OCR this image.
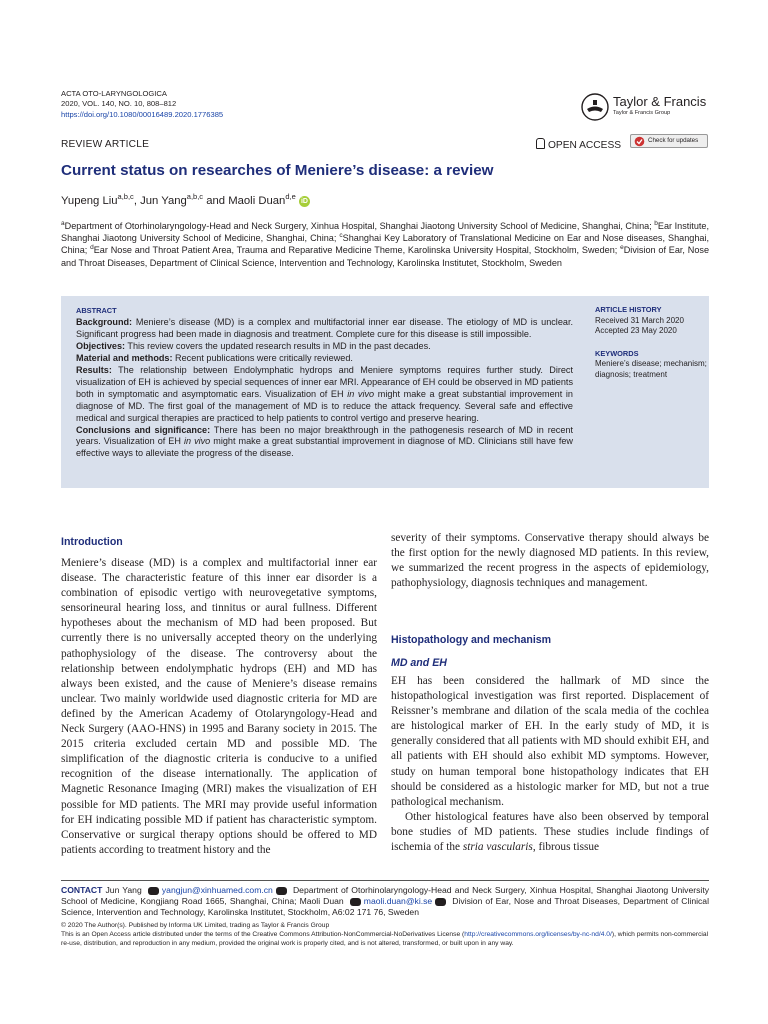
ACTA OTO-LARYNGOLOGICA
2020, VOL. 140, NO. 10, 808–812
https://doi.org/10.1080/00016489.2020.1776385
Taylor & Francis
Taylor & Francis Group
REVIEW ARTICLE	OPEN ACCESS	Check for updates
Current status on researches of Meniere’s disease: a review
Yupeng Liu$^{a,b,c}$, Jun Yang$^{a,b,c}$ and Maoli Duan$^{d,e}$ iD
$^a$Department of Otorhinolaryngology-Head and Neck Surgery, Xinhua Hospital, Shanghai Jiaotong University School of Medicine, Shanghai, China; $^b$Ear Institute, Shanghai Jiaotong University School of Medicine, Shanghai, China; $^c$Shanghai Key Laboratory of Translational Medicine on Ear and Nose diseases, Shanghai, China; $^d$Ear Nose and Throat Patient Area, Trauma and Reparative Medicine Theme, Karolinska University Hospital, Stockholm, Sweden; $^e$Division of Ear, Nose and Throat Diseases, Department of Clinical Science, Intervention and Technology, Karolinska Institutet, Stockholm, Sweden
ABSTRACT
Background: Meniere’s disease (MD) is a complex and multifactorial inner ear disease. The etiology of MD is unclear. Significant progress had been made in diagnosis and treatment. Complete cure for this disease is still impossible.
Objectives: This review covers the updated research results in MD in the past decades.
Material and methods: Recent publications were critically reviewed.
Results: The relationship between Endolymphatic hydrops and Meniere symptoms requires further study. Direct visualization of EH is achieved by special sequences of inner ear MRI. Appearance of EH could be observed in MD patients both in symptomatic and asymptomatic ears. Visualization of EH in vivo might make a great substantial improvement in diagnose of MD. The first goal of the management of MD is to reduce the attack frequency. Several safe and effective medical and surgical therapies are practiced to help patients to control vertigo and preserve hearing.
Conclusions and significance: There has been no major breakthrough in the pathogenesis research of MD in recent years. Visualization of EH in vivo might make a great substantial improvement in diagnose of MD. Clinicians still have few effective ways to alleviate the progress of the disease.
ARTICLE HISTORY
Received 31 March 2020
Accepted 23 May 2020
KEYWORDS
Meniere’s disease; mechanism; diagnosis; treatment
Introduction

Meniere’s disease (MD) is a complex and multifactorial inner ear disease. The characteristic feature of this inner ear disorder is a combination of episodic vertigo with neurovegetative symptoms, sensorineural hearing loss, and tinnitus or aural fullness. Different hypotheses about the mechanism of MD had been proposed. But currently there is no universally accepted theory on the underlying pathophysiology of the disease. The controversy about the relationship between endolymphatic hydrops (EH) and MD has always been existed, and the cause of Meniere’s disease remains unclear. Two mainly worldwide used diagnostic criteria for MD are defined by the American Academy of Otolaryngology-Head and Neck Surgery (AAO-HNS) in 1995 and Barany society in 2015. The 2015 criteria excluded certain MD and possible MD. The simplification of the diagnostic criteria is conducive to a unified recognition of the disease internationally. The application of Magnetic Resonance Imaging (MRI) makes the visualization of EH possible for MD patients. The MRI may provide useful information for EH indicating possible MD if patient has characteristic symptom. Conservative or surgical therapy options should be offered to MD patients according to treatment history and the

severity of their symptoms. Conservative therapy should always be the first option for the newly diagnosed MD patients. In this review, we summarized the recent progress in the aspects of epidemiology, pathophysiology, diagnosis techniques and management.

Histopathology and mechanism
MD and EH

EH has been considered the hallmark of MD since the histopathological investigation was first reported. Displacement of Reissner’s membrane and dilation of the scala media of the cochlea are histological marker of EH. In the early study of MD, it is generally considered that all patients with MD should exhibit EH, and all patients with EH should also exhibit MD symptoms. However, study on human temporal bone histopathology indicates that EH should be considered as a histologic marker for MD, but not a true pathological mechanism.

Other histological features have also been observed by temporal bone studies of MD patients. These studies include findings of ischemia of the stria vascularis, fibrous tissue

CONTACT Jun Yang yangjun@xinhuamed.com.cn Department of Otorhinolaryngology-Head and Neck Surgery, Xinhua Hospital, Shanghai Jiaotong University School of Medicine, Kongjiang Road 1665, Shanghai, China; Maoli Duan maoli.duan@ki.se Division of Ear, Nose and Throat Diseases, Department of Clinical Science, Intervention and Technology, Karolinska Institutet, Stockholm, A6:02 171 76, Sweden
© 2020 The Author(s). Published by Informa UK Limited, trading as Taylor & Francis Group
This is an Open Access article distributed under the terms of the Creative Commons Attribution-NonCommercial-NoDerivatives License (http://creativecommons.org/licenses/by-nc-nd/4.0/), which permits non-commercial re-use, distribution, and reproduction in any medium, provided the original work is properly cited, and is not altered, transformed, or built upon in any way.
